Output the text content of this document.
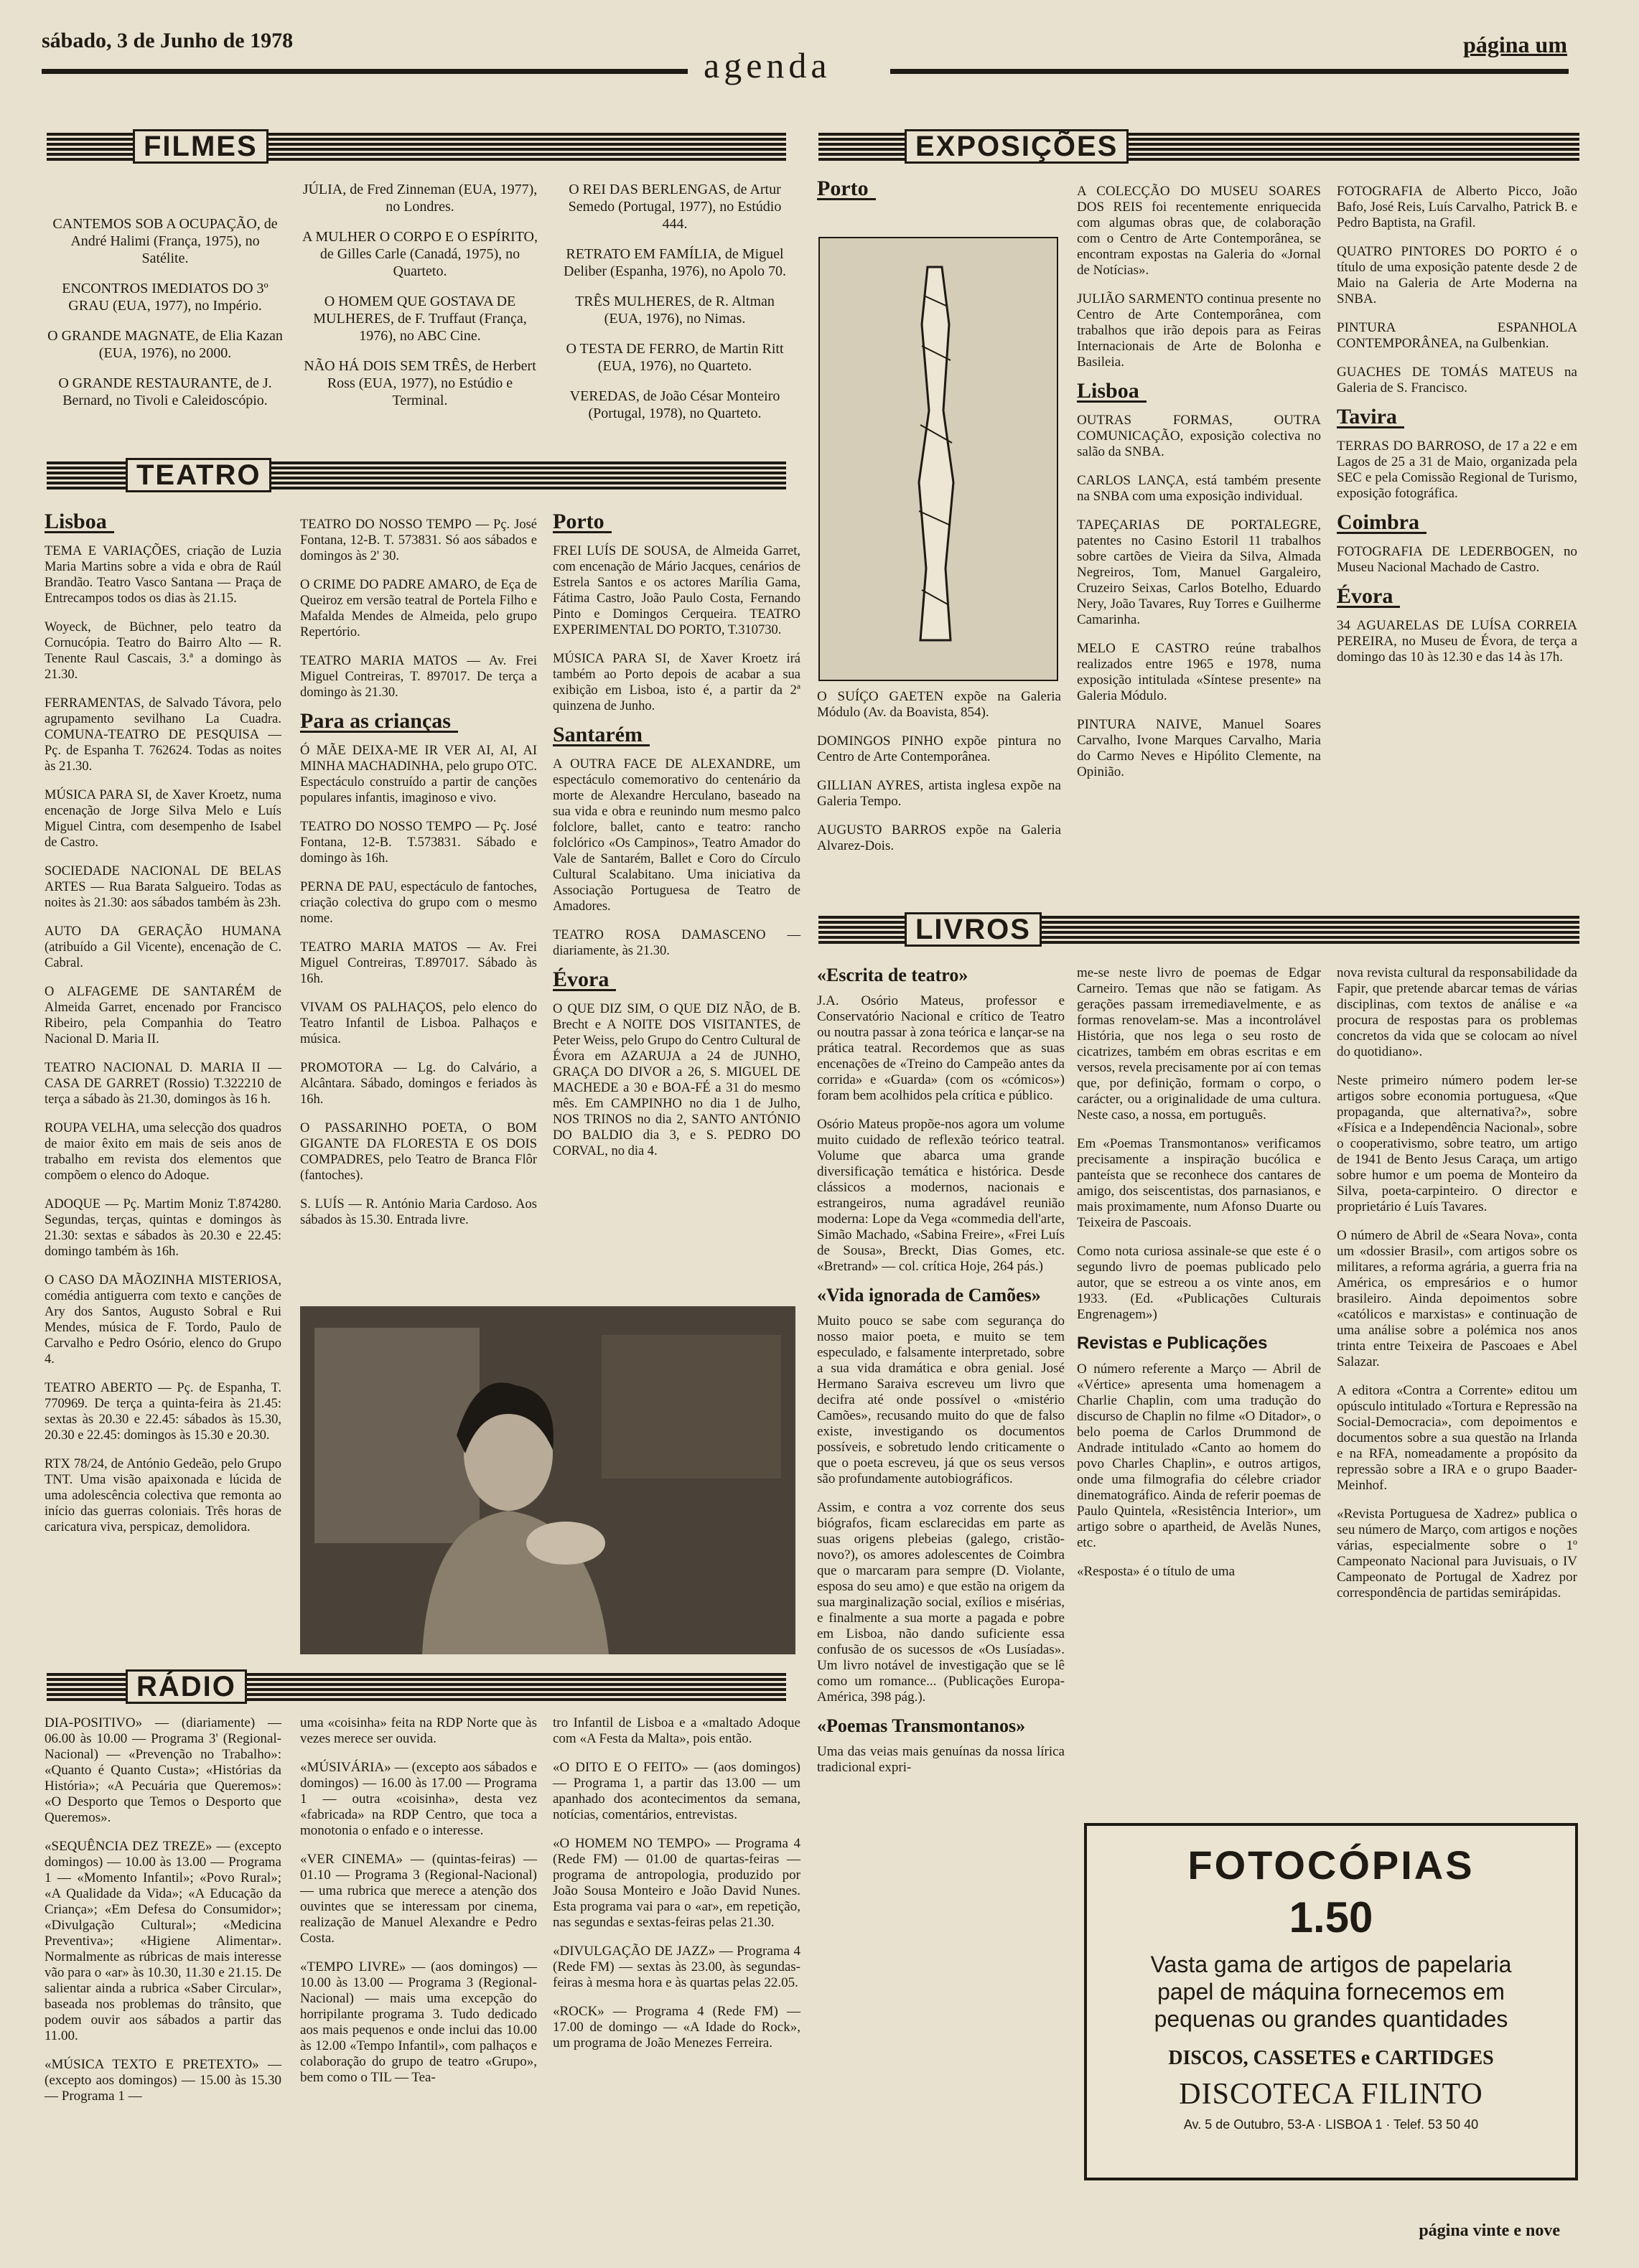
sábado, 3 de Junho de 1978
agenda
página um
FILMES

CANTEMOS SOB A OCUPAÇÃO, de André Halimi (França, 1975), no Satélite.

ENCONTROS IMEDIATOS DO 3º GRAU (EUA, 1977), no Império.

O GRANDE MAGNATE, de Elia Kazan (EUA, 1976), no 2000.

O GRANDE RESTAURANTE, de J. Bernard, no Tivoli e Caleidoscópio.

JÚLIA, de Fred Zinneman (EUA, 1977), no Londres.

A MULHER O CORPO E O ESPÍRITO, de Gilles Carle (Canadá, 1975), no Quarteto.

O HOMEM QUE GOSTAVA DE MULHERES, de F. Truffaut (França, 1976), no ABC Cine.

NÃO HÁ DOIS SEM TRÊS, de Herbert Ross (EUA, 1977), no Estúdio e Terminal.

O REI DAS BERLENGAS, de Artur Semedo (Portugal, 1977), no Estúdio 444.

RETRATO EM FAMÍLIA, de Miguel Deliber (Espanha, 1976), no Apolo 70.

TRÊS MULHERES, de R. Altman (EUA, 1976), no Nimas.

O TESTA DE FERRO, de Martin Ritt (EUA, 1976), no Quarteto.

VEREDAS, de João César Monteiro (Portugal, 1978), no Quarteto.

TEATRO
Lisboa

TEMA E VARIAÇÕES, criação de Luzia Maria Martins sobre a vida e obra de Raúl Brandão. Teatro Vasco Santana — Praça de Entrecampos todos os dias às 21.15.

Woyeck, de Büchner, pelo teatro da Cornucópia. Teatro do Bairro Alto — R. Tenente Raul Cascais, 3.ª a domingo às 21.30.

FERRAMENTAS, de Salvado Távora, pelo agrupamento sevilhano La Cuadra. COMUNA-TEATRO DE PESQUISA — Pç. de Espanha T. 762624. Todas as noites às 21.30.

MÚSICA PARA SI, de Xaver Kroetz, numa encenação de Jorge Silva Melo e Luís Miguel Cintra, com desempenho de Isabel de Castro.

SOCIEDADE NACIONAL DE BELAS ARTES — Rua Barata Salgueiro. Todas as noites às 21.30: aos sábados também às 23h.

AUTO DA GERAÇÃO HUMANA (atribuído a Gil Vicente), encenação de C. Cabral.

O ALFAGEME DE SANTARÉM de Almeida Garret, encenado por Francisco Ribeiro, pela Companhia do Teatro Nacional D. Maria II.

TEATRO NACIONAL D. MARIA II — CASA DE GARRET (Rossio) T.322210 de terça a sábado às 21.30, domingos às 16 h.

ROUPA VELHA, uma selecção dos quadros de maior êxito em mais de seis anos de trabalho em revista dos elementos que compõem o elenco do Adoque.

ADOQUE — Pç. Martim Moniz T.874280. Segundas, terças, quintas e domingos às 21.30: sextas e sábados às 20.30 e 22.45: domingo também às 16h.

O CASO DA MÃOZINHA MISTERIOSA, comédia antiguerra com texto e canções de Ary dos Santos, Augusto Sobral e Rui Mendes, música de F. Tordo, Paulo de Carvalho e Pedro Osório, elenco do Grupo 4.

TEATRO ABERTO — Pç. de Espanha, T. 770969. De terça a quinta-feira às 21.45: sextas às 20.30 e 22.45: sábados às 15.30, 20.30 e 22.45: domingos às 15.30 e 20.30.

RTX 78/24, de António Gedeão, pelo Grupo TNT. Uma visão apaixonada e lúcida de uma adolescência colectiva que remonta ao início das guerras coloniais. Três horas de caricatura viva, perspicaz, demolidora.

TEATRO DO NOSSO TEMPO — Pç. José Fontana, 12-B. T. 573831. Só aos sábados e domingos às 2' 30.

O CRIME DO PADRE AMARO, de Eça de Queiroz em versão teatral de Portela Filho e Mafalda Mendes de Almeida, pelo grupo Repertório.

TEATRO MARIA MATOS — Av. Frei Miguel Contreiras, T. 897017. De terça a domingo às 21.30.

Para as crianças

Ó MÃE DEIXA-ME IR VER AI, AI, AI MINHA MACHADINHA, pelo grupo OTC. Espectáculo construído a partir de canções populares infantis, imaginoso e vivo.

TEATRO DO NOSSO TEMPO — Pç. José Fontana, 12-B. T.573831. Sábado e domingo às 16h.

PERNA DE PAU, espectáculo de fantoches, criação colectiva do grupo com o mesmo nome.

TEATRO MARIA MATOS — Av. Frei Miguel Contreiras, T.897017. Sábado às 16h.

VIVAM OS PALHAÇOS, pelo elenco do Teatro Infantil de Lisboa. Palhaços e música.

PROMOTORA — Lg. do Calvário, a Alcântara. Sábado, domingos e feriados às 16h.

O PASSARINHO POETA, O BOM GIGANTE DA FLORESTA E OS DOIS COMPADRES, pelo Teatro de Branca Flôr (fantoches).

S. LUÍS — R. António Maria Cardoso. Aos sábados às 15.30. Entrada livre.

Porto

FREI LUÍS DE SOUSA, de Almeida Garret, com encenação de Mário Jacques, cenários de Estrela Santos e os actores Marília Gama, Fátima Castro, João Paulo Costa, Fernando Pinto e Domingos Cerqueira. TEATRO EXPERIMENTAL DO PORTO, T.310730.

MÚSICA PARA SI, de Xaver Kroetz irá também ao Porto depois de acabar a sua exibição em Lisboa, isto é, a partir da 2ª quinzena de Junho.

Santarém

A OUTRA FACE DE ALEXANDRE, um espectáculo comemorativo do centenário da morte de Alexandre Herculano, baseado na sua vida e obra e reunindo num mesmo palco folclore, ballet, canto e teatro: rancho folclórico «Os Campinos», Teatro Amador do Vale de Santarém, Ballet e Coro do Círculo Cultural Scalabitano. Uma iniciativa da Associação Portuguesa de Teatro de Amadores.

TEATRO ROSA DAMASCENO — diariamente, às 21.30.

Évora

O QUE DIZ SIM, O QUE DIZ NÃO, de B. Brecht e A NOITE DOS VISITANTES, de Peter Weiss, pelo Grupo do Centro Cultural de Évora em AZARUJA a 24 de JUNHO, GRAÇA DO DIVOR a 26, S. MIGUEL DE MACHEDE a 30 e BOA-FÉ a 31 do mesmo mês. Em CAMPINHO no dia 1 de Julho, NOS TRINOS no dia 2, SANTO ANTÓNIO DO BALDIO dia 3, e S. PEDRO DO CORVAL, no dia 4.

RÁDIO

DIA-POSITIVO» — (diariamente) — 06.00 às 10.00 — Programa 3' (Regional-Nacional) — «Prevenção no Trabalho»: «Quanto é Quanto Custa»; «Histórias da História»; «A Pecuária que Queremos»: «O Desporto que Temos o Desporto que Queremos».

«SEQUÊNCIA DEZ TREZE» — (excepto domingos) — 10.00 às 13.00 — Programa 1 — «Momento Infantil»; «Povo Rural»; «A Qualidade da Vida»; «A Educação da Criança»; «Em Defesa do Consumidor»; «Divulgação Cultural»; «Medicina Preventiva»; «Higiene Alimentar». Normalmente as rúbricas de mais interesse vão para o «ar» às 10.30, 11.30 e 21.15. De salientar ainda a rubrica «Saber Circular», baseada nos problemas do trânsito, que podem ouvir aos sábados a partir das 11.00.

«MÚSICA TEXTO E PRETEXTO» — (excepto aos domingos) — 15.00 às 15.30 — Programa 1 —

uma «coisinha» feita na RDP Norte que às vezes merece ser ouvida.

«MÚSIVÁRIA» — (excepto aos sábados e domingos) — 16.00 às 17.00 — Programa 1 — outra «coisinha», desta vez «fabricada» na RDP Centro, que toca a monotonia o enfado e o interesse.

«VER CINEMA» — (quintas-feiras) — 01.10 — Programa 3 (Regional-Nacional) — uma rubrica que merece a atenção dos ouvintes que se interessam por cinema, realização de Manuel Alexandre e Pedro Costa.

«TEMPO LIVRE» — (aos domingos) — 10.00 às 13.00 — Programa 3 (Regional-Nacional) — mais uma excepção do horripilante programa 3. Tudo dedicado aos mais pequenos e onde inclui das 10.00 às 12.00 «Tempo Infantil», com palhaços e colaboração do grupo de teatro «Grupo», bem como o TIL — Tea-

tro Infantil de Lisboa e a «maltado Adoque com «A Festa da Malta», pois então.

«O DITO E O FEITO» — (aos domingos) — Programa 1, a partir das 13.00 — um apanhado dos acontecimentos da semana, notícias, comentários, entrevistas.

«O HOMEM NO TEMPO» — Programa 4 (Rede FM) — 01.00 de quartas-feiras — programa de antropologia, produzido por João Sousa Monteiro e João David Nunes. Esta programa vai para o «ar», em repetição, nas segundas e sextas-feiras pelas 21.30.

«DIVULGAÇÃO DE JAZZ» — Programa 4 (Rede FM) — sextas às 23.00, às segundas-feiras à mesma hora e às quartas pelas 22.05.

«ROCK» — Programa 4 (Rede FM) — 17.00 de domingo — «A Idade do Rock», um programa de João Menezes Ferreira.

EXPOSIÇÕES
Porto

O SUÍÇO GAETEN expõe na Galeria Módulo (Av. da Boavista, 854).

DOMINGOS PINHO expõe pintura no Centro de Arte Contemporânea.

GILLIAN AYRES, artista inglesa expõe na Galeria Tempo.

AUGUSTO BARROS expõe na Galeria Alvarez-Dois.

A COLECÇÃO DO MUSEU SOARES DOS REIS foi recentemente enriquecida com algumas obras que, de colaboração com o Centro de Arte Contemporânea, se encontram expostas na Galeria do «Jornal de Notícias».

JULIÃO SARMENTO continua presente no Centro de Arte Contemporânea, com trabalhos que irão depois para as Feiras Internacionais de Arte de Bolonha e Basileia.

Lisboa

OUTRAS FORMAS, OUTRA COMUNICAÇÃO, exposição colectiva no salão da SNBA.

CARLOS LANÇA, está também presente na SNBA com uma exposição individual.

TAPEÇARIAS DE PORTALEGRE, patentes no Casino Estoril 11 trabalhos sobre cartões de Vieira da Silva, Almada Negreiros, Tom, Manuel Gargaleiro, Cruzeiro Seixas, Carlos Botelho, Eduardo Nery, João Tavares, Ruy Torres e Guilherme Camarinha.

MELO E CASTRO reúne trabalhos realizados entre 1965 e 1978, numa exposição intitulada «Síntese presente» na Galeria Módulo.

PINTURA NAIVE, Manuel Soares Carvalho, Ivone Marques Carvalho, Maria do Carmo Neves e Hipólito Clemente, na Opinião.

FOTOGRAFIA de Alberto Picco, João Bafo, José Reis, Luís Carvalho, Patrick B. e Pedro Baptista, na Grafil.

QUATRO PINTORES DO PORTO é o título de uma exposição patente desde 2 de Maio na Galeria de Arte Moderna na SNBA.

PINTURA ESPANHOLA CONTEMPORÂNEA, na Gulbenkian.

GUACHES DE TOMÁS MATEUS na Galeria de S. Francisco.

Tavira

TERRAS DO BARROSO, de 17 a 22 e em Lagos de 25 a 31 de Maio, organizada pela SEC e pela Comissão Regional de Turismo, exposição fotográfica.

Coimbra

FOTOGRAFIA DE LEDERBOGEN, no Museu Nacional Machado de Castro.

Évora

34 AGUARELAS DE LUÍSA CORREIA PEREIRA, no Museu de Évora, de terça a domingo das 10 às 12.30 e das 14 às 17h.

LIVROS
«Escrita de teatro»

J.A. Osório Mateus, professor e Conservatório Nacional e crítico de Teatro ou noutra passar à zona teórica e lançar-se na prática teatral. Recordemos que as suas encenações de «Treino do Campeão antes da corrida» e «Guarda» (com os «cómicos») foram bem acolhidos pela crítica e público.

Osório Mateus propõe-nos agora um volume muito cuidado de reflexão teórico teatral. Volume que abarca uma grande diversificação temática e histórica. Desde clássicos a modernos, nacionais e estrangeiros, numa agradável reunião moderna: Lope da Vega «commedia dell'arte, Simão Machado, «Sabina Freire», «Frei Luís de Sousa», Breckt, Dias Gomes, etc. «Bretrand» — col. crítica Hoje, 264 pás.)

«Vida ignorada de Camões»

Muito pouco se sabe com segurança do nosso maior poeta, e muito se tem especulado, e falsamente interpretado, sobre a sua vida dramática e obra genial. José Hermano Saraiva escreveu um livro que decifra até onde possível o «mistério Camões», recusando muito do que de falso existe, investigando os documentos possíveis, e sobretudo lendo criticamente o que o poeta escreveu, já que os seus versos são profundamente autobiográficos.

Assim, e contra a voz corrente dos seus biógrafos, ficam esclarecidas em parte as suas origens plebeias (galego, cristão-novo?), os amores adolescentes de Coimbra que o marcaram para sempre (D. Violante, esposa do seu amo) e que estão na origem da sua marginalização social, exílios e misérias, e finalmente a sua morte a pagada e pobre em Lisboa, não dando suficiente essa confusão de os sucessos de «Os Lusíadas». Um livro notável de investigação que se lê como um romance... (Publicações Europa-América, 398 pág.).

«Poemas Transmontanos»

Uma das veias mais genuínas da nossa lírica tradicional expri-

me-se neste livro de poemas de Edgar Carneiro. Temas que não se fatigam. As gerações passam irremediavelmente, e as formas renovelam-se. Mas a incontrolável História, que nos lega o seu rosto de cicatrizes, também em obras escritas e em versos, revela precisamente por aí con temas que, por definição, formam o corpo, o carácter, ou a originalidade de uma cultura. Neste caso, a nossa, em português.

Em «Poemas Transmontanos» verificamos precisamente a inspiração bucólica e panteísta que se reconhece dos cantares de amigo, dos seiscentistas, dos parnasianos, e mais proximamente, num Afonso Duarte ou Teixeira de Pascoais.

Como nota curiosa assinale-se que este é o segundo livro de poemas publicado pelo autor, que se estreou a os vinte anos, em 1933. (Ed. «Publicações Culturais Engrenagem»)

Revistas e Publicações

O número referente a Março — Abril de «Vértice» apresenta uma homenagem a Charlie Chaplin, com uma tradução do discurso de Chaplin no filme «O Ditador», o belo poema de Carlos Drummond de Andrade intitulado «Canto ao homem do povo Charles Chaplin», e outros artigos, onde uma filmografia do célebre criador dinematográfico. Ainda de referir poemas de Paulo Quintela, «Resistência Interior», um artigo sobre o apartheid, de Avelãs Nunes, etc.

«Resposta» é o título de uma

nova revista cultural da responsabilidade da Fapir, que pretende abarcar temas de várias disciplinas, com textos de análise e «a procura de respostas para os problemas concretos da vida que se colocam ao nível do quotidiano».

Neste primeiro número podem ler-se artigos sobre economia portuguesa, «Que propaganda, que alternativa?», sobre «Física e a Independência Nacional», sobre o cooperativismo, sobre teatro, um artigo de 1941 de Bento Jesus Caraça, um artigo sobre humor e um poema de Monteiro da Silva, poeta-carpinteiro. O director e proprietário é Luís Tavares.

O número de Abril de «Seara Nova», conta um «dossier Brasil», com artigos sobre os militares, a reforma agrária, a guerra fria na América, os empresários e o humor brasileiro. Ainda depoimentos sobre «católicos e marxistas» e continuação de uma análise sobre a polémica nos anos trinta entre Teixeira de Pascoaes e Abel Salazar.

A editora «Contra a Corrente» editou um opúsculo intitulado «Tortura e Repressão na Social-Democracia», com depoimentos e documentos sobre a sua questão na Irlanda e na RFA, nomeadamente a propósito da repressão sobre a IRA e o grupo Baader-Meinhof.

«Revista Portuguesa de Xadrez» publica o seu número de Março, com artigos e noções várias, especialmente sobre o 1º Campeonato Nacional para Juvisuais, o IV Campeonato de Portugal de Xadrez por correspondência de partidas semirápidas.

FOTOCÓPIAS
1.50
Vasta gama de artigos de papelaria
papel de máquina fornecemos em
pequenas ou grandes quantidades
DISCOS, CASSETES e CARTIDGES
DISCOTECA FILINTO
Av. 5 de Outubro, 53-A · LISBOA 1 · Telef. 53 50 40
página vinte e nove
